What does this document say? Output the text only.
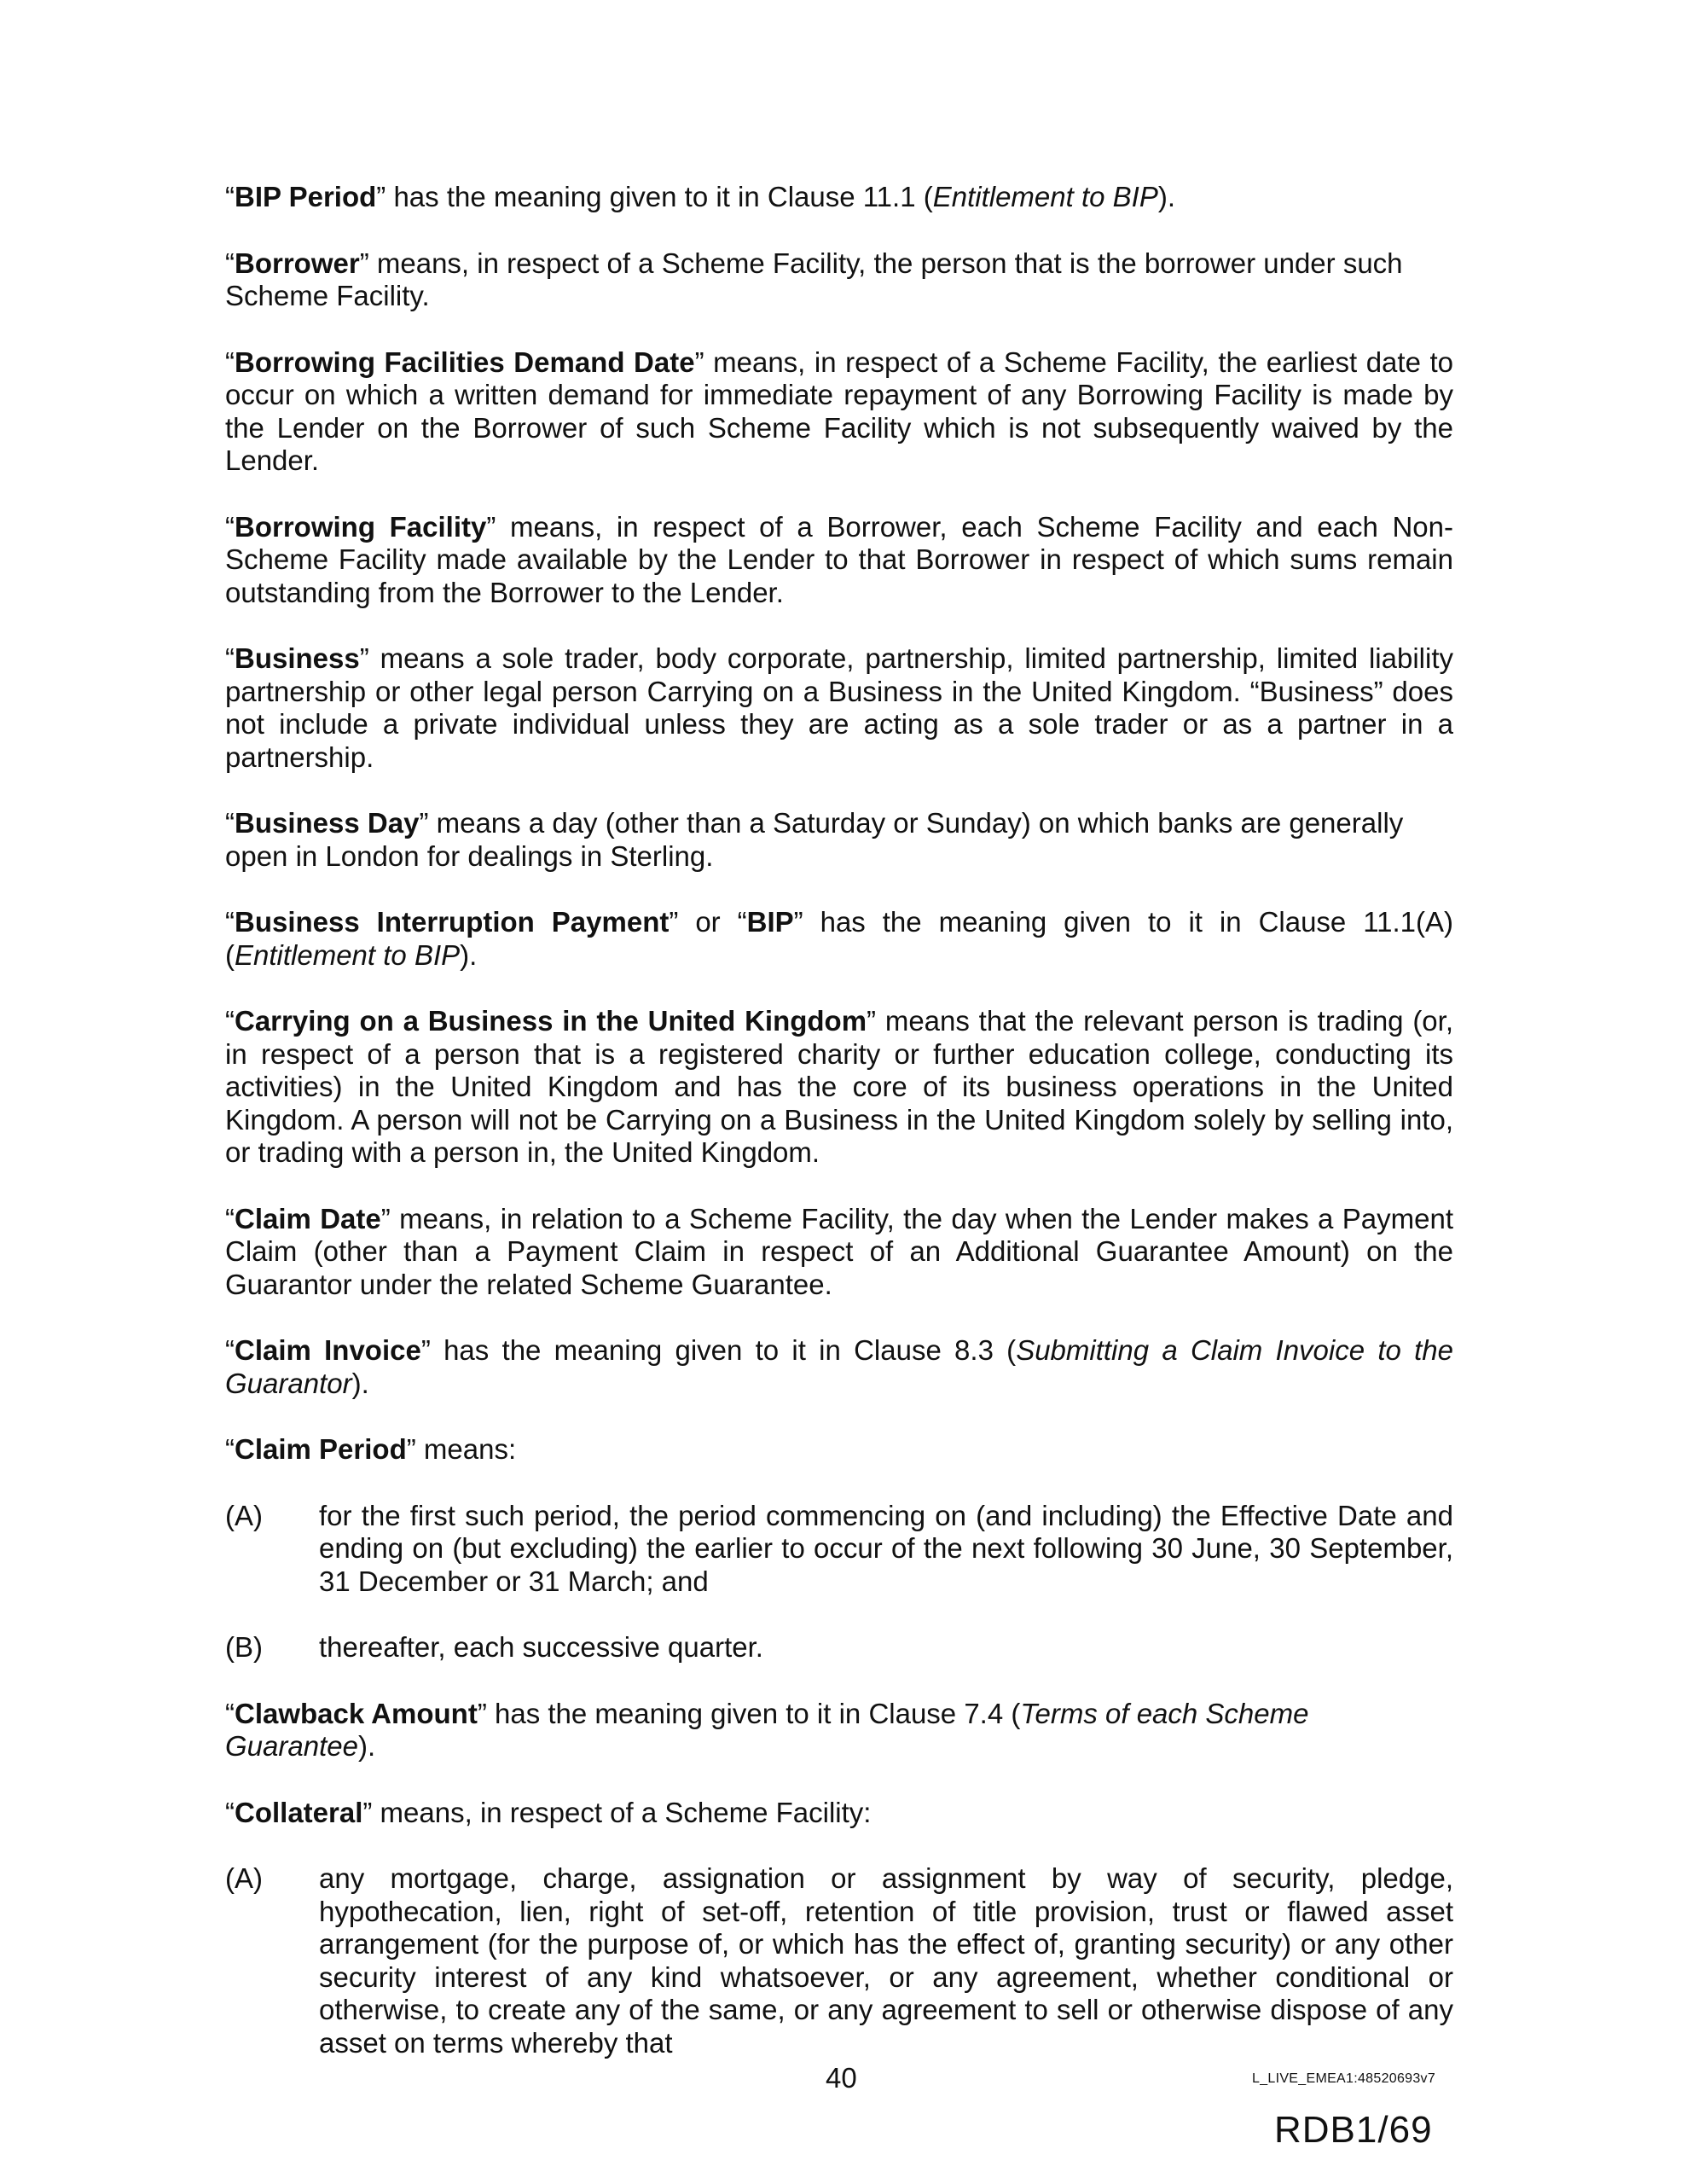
“BIP Period” has the meaning given to it in Clause 11.1 (Entitlement to BIP).

“Borrower” means, in respect of a Scheme Facility, the person that is the borrower under such Scheme Facility.

“Borrowing Facilities Demand Date” means, in respect of a Scheme Facility, the earliest date to occur on which a written demand for immediate repayment of any Borrowing Facility is made by the Lender on the Borrower of such Scheme Facility which is not subsequently waived by the Lender.

“Borrowing Facility” means, in respect of a Borrower, each Scheme Facility and each Non-Scheme Facility made available by the Lender to that Borrower in respect of which sums remain outstanding from the Borrower to the Lender.

“Business” means a sole trader, body corporate, partnership, limited partnership, limited liability partnership or other legal person Carrying on a Business in the United Kingdom. “Business” does not include a private individual unless they are acting as a sole trader or as a partner in a partnership.

“Business Day” means a day (other than a Saturday or Sunday) on which banks are generally open in London for dealings in Sterling.

“Business Interruption Payment” or “BIP” has the meaning given to it in Clause 11.1(A) (Entitlement to BIP).

“Carrying on a Business in the United Kingdom” means that the relevant person is trading (or, in respect of a person that is a registered charity or further education college, conducting its activities) in the United Kingdom and has the core of its business operations in the United Kingdom. A person will not be Carrying on a Business in the United Kingdom solely by selling into, or trading with a person in, the United Kingdom.

“Claim Date” means, in relation to a Scheme Facility, the day when the Lender makes a Payment Claim (other than a Payment Claim in respect of an Additional Guarantee Amount) on the Guarantor under the related Scheme Guarantee.

“Claim Invoice” has the meaning given to it in Clause 8.3 (Submitting a Claim Invoice to the Guarantor).

“Claim Period” means:

(A)	for the first such period, the period commencing on (and including) the Effective Date and ending on (but excluding) the earlier to occur of the next following 30 June, 30 September, 31 December or 31 March; and
(B)	thereafter, each successive quarter.

“Clawback Amount” has the meaning given to it in Clause 7.4 (Terms of each Scheme Guarantee).

“Collateral” means, in respect of a Scheme Facility:

(A)	any mortgage, charge, assignation or assignment by way of security, pledge, hypothecation, lien, right of set-off, retention of title provision, trust or flawed asset arrangement (for the purpose of, or which has the effect of, granting security) or any other security interest of any kind whatsoever, or any agreement, whether conditional or otherwise, to create any of the same, or any agreement to sell or otherwise dispose of any asset on terms whereby that
40	L_LIVE_EMEA1:48520693v7
RDB1/69
